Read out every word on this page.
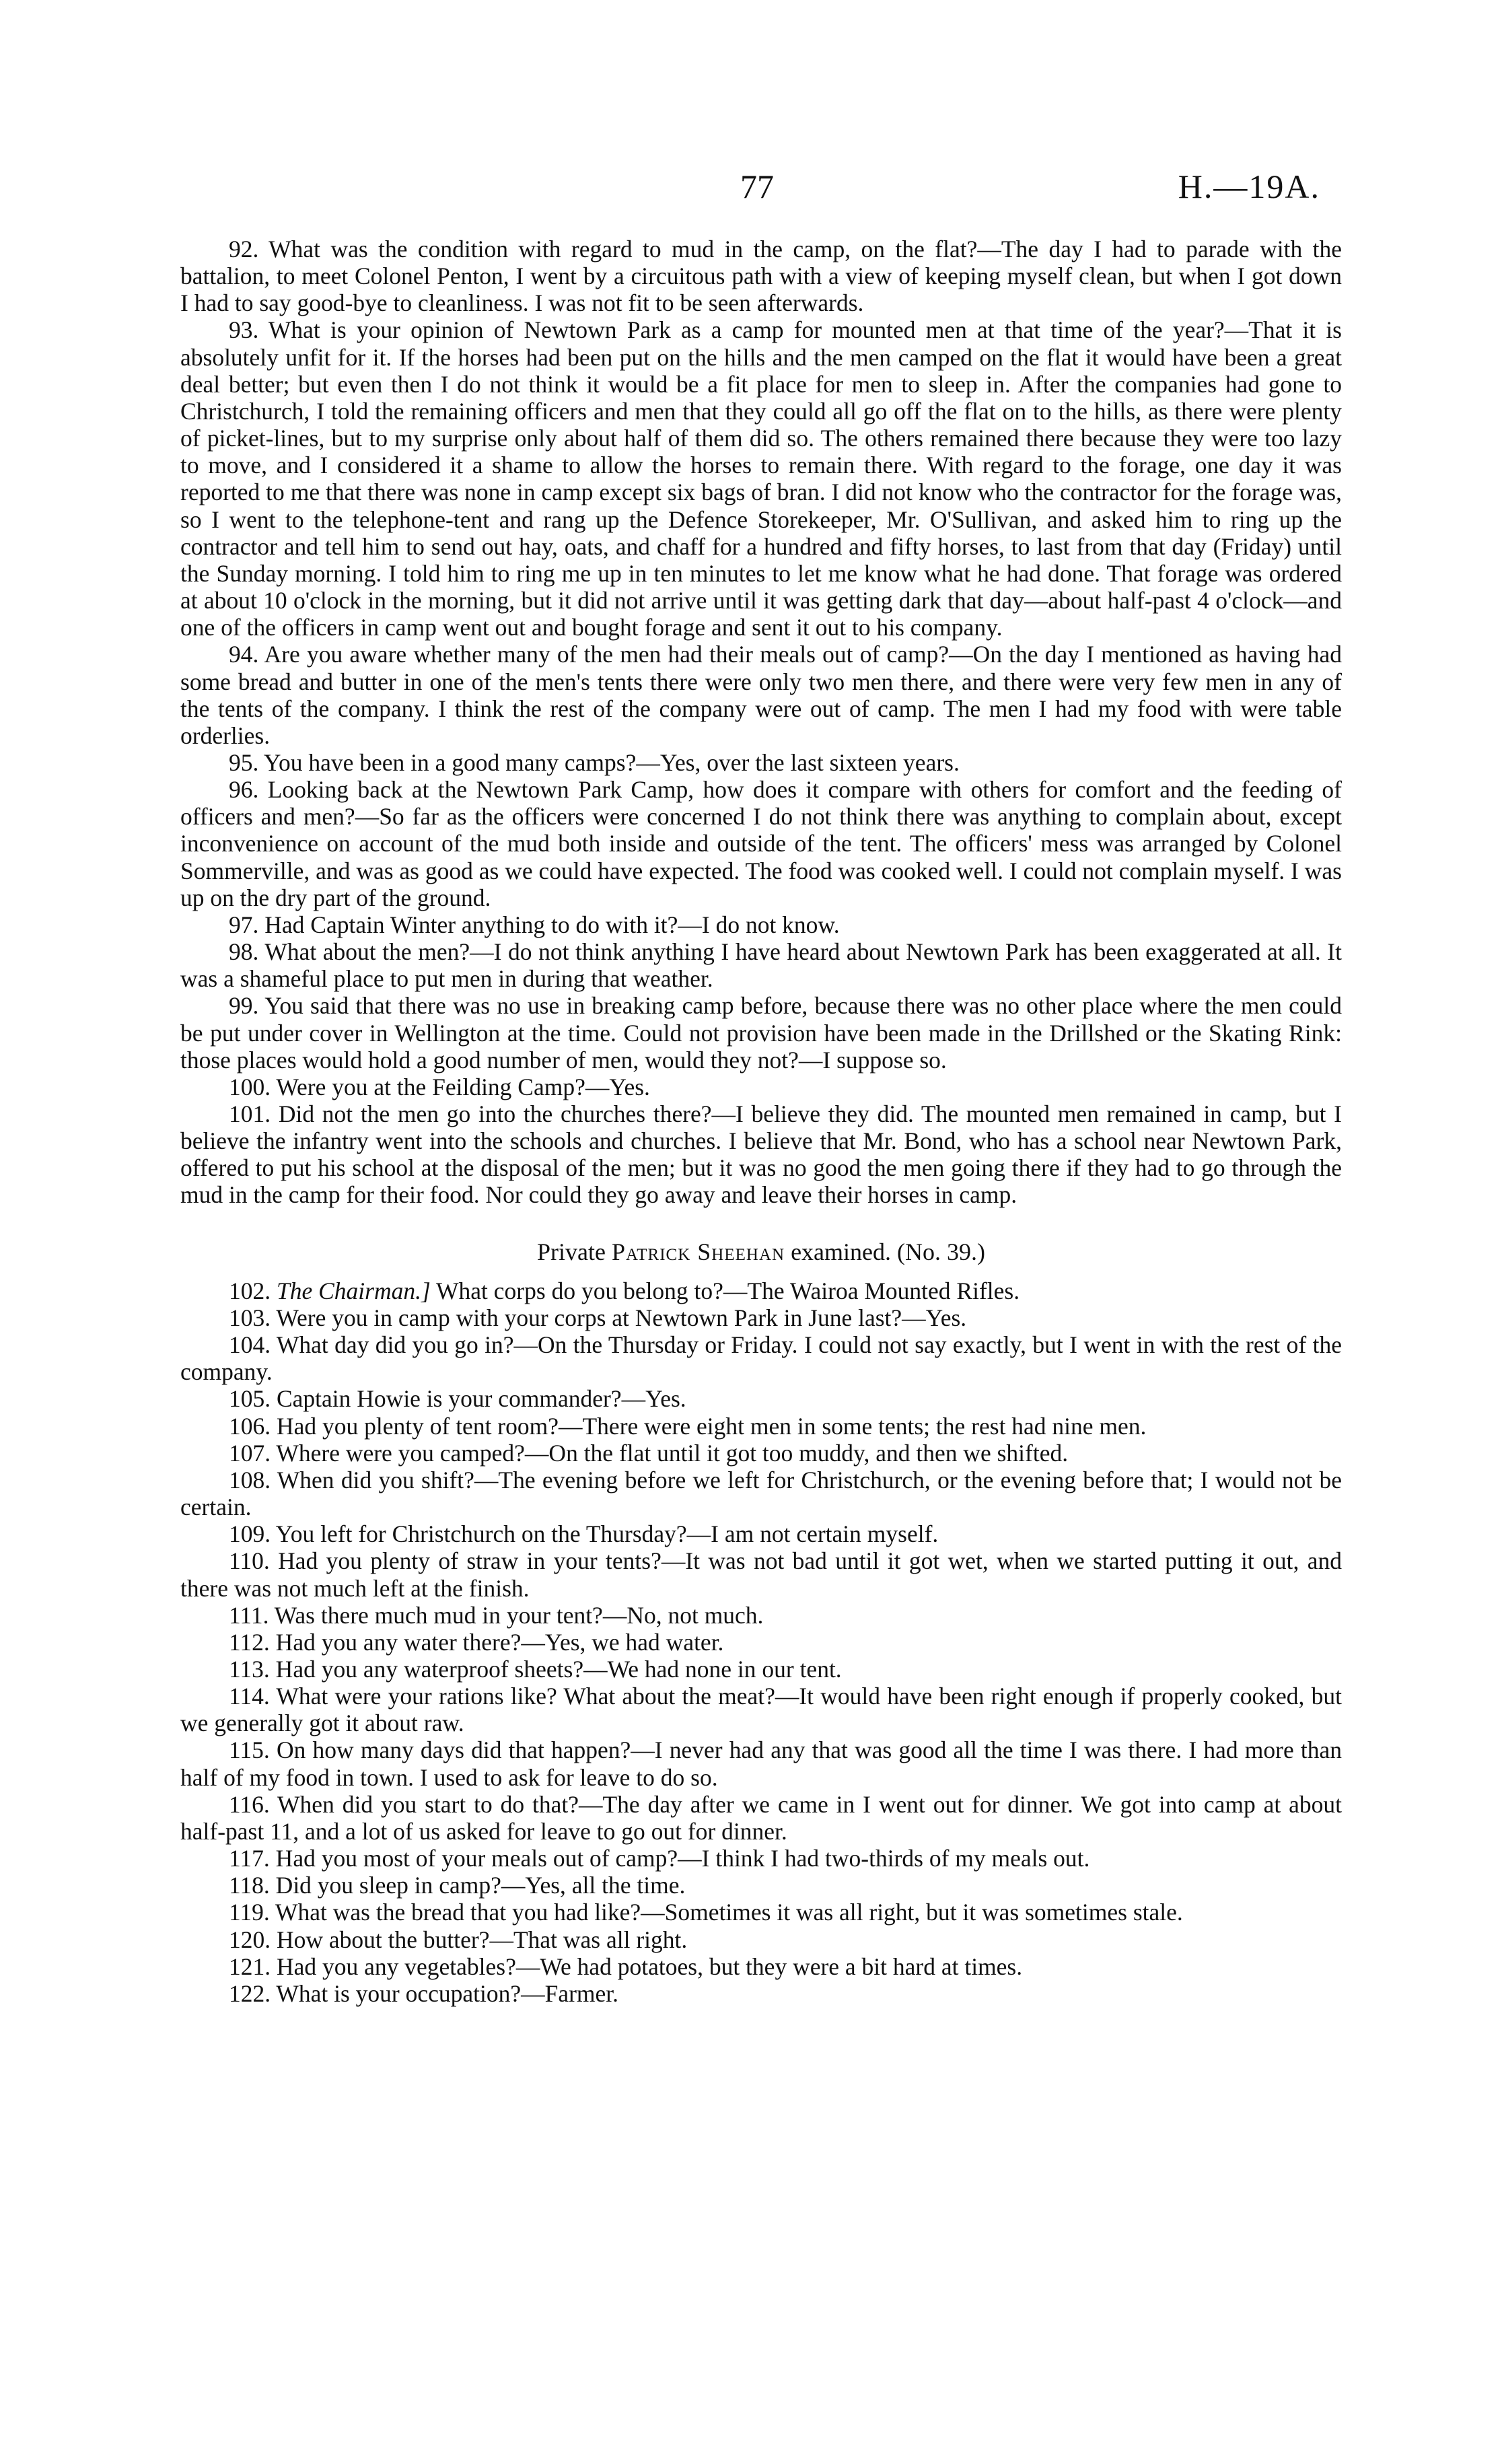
77	H.—19A.

92. What was the condition with regard to mud in the camp, on the flat?—The day I had to parade with the battalion, to meet Colonel Penton, I went by a circuitous path with a view of keeping myself clean, but when I got down I had to say good-bye to cleanliness. I was not fit to be seen afterwards.

93. What is your opinion of Newtown Park as a camp for mounted men at that time of the year?—That it is absolutely unfit for it. If the horses had been put on the hills and the men camped on the flat it would have been a great deal better; but even then I do not think it would be a fit place for men to sleep in. After the companies had gone to Christchurch, I told the remaining officers and men that they could all go off the flat on to the hills, as there were plenty of picket-lines, but to my surprise only about half of them did so. The others remained there because they were too lazy to move, and I considered it a shame to allow the horses to remain there. With regard to the forage, one day it was reported to me that there was none in camp except six bags of bran. I did not know who the contractor for the forage was, so I went to the telephone-tent and rang up the Defence Storekeeper, Mr. O'Sullivan, and asked him to ring up the contractor and tell him to send out hay, oats, and chaff for a hundred and fifty horses, to last from that day (Friday) until the Sunday morning. I told him to ring me up in ten minutes to let me know what he had done. That forage was ordered at about 10 o'clock in the morning, but it did not arrive until it was getting dark that day—about half-past 4 o'clock—and one of the officers in camp went out and bought forage and sent it out to his company.

94. Are you aware whether many of the men had their meals out of camp?—On the day I mentioned as having had some bread and butter in one of the men's tents there were only two men there, and there were very few men in any of the tents of the company. I think the rest of the company were out of camp. The men I had my food with were table orderlies.

95. You have been in a good many camps?—Yes, over the last sixteen years.

96. Looking back at the Newtown Park Camp, how does it compare with others for comfort and the feeding of officers and men?—So far as the officers were concerned I do not think there was anything to complain about, except inconvenience on account of the mud both inside and outside of the tent. The officers' mess was arranged by Colonel Sommerville, and was as good as we could have expected. The food was cooked well. I could not complain myself. I was up on the dry part of the ground.

97. Had Captain Winter anything to do with it?—I do not know.

98. What about the men?—I do not think anything I have heard about Newtown Park has been exaggerated at all. It was a shameful place to put men in during that weather.

99. You said that there was no use in breaking camp before, because there was no other place where the men could be put under cover in Wellington at the time. Could not provision have been made in the Drillshed or the Skating Rink: those places would hold a good number of men, would they not?—I suppose so.

100. Were you at the Feilding Camp?—Yes.

101. Did not the men go into the churches there?—I believe they did. The mounted men remained in camp, but I believe the infantry went into the schools and churches. I believe that Mr. Bond, who has a school near Newtown Park, offered to put his school at the disposal of the men; but it was no good the men going there if they had to go through the mud in the camp for their food. Nor could they go away and leave their horses in camp.

Private Patrick Sheehan examined. (No. 39.)

102. The Chairman.] What corps do you belong to?—The Wairoa Mounted Rifles.

103. Were you in camp with your corps at Newtown Park in June last?—Yes.

104. What day did you go in?—On the Thursday or Friday. I could not say exactly, but I went in with the rest of the company.

105. Captain Howie is your commander?—Yes.

106. Had you plenty of tent room?—There were eight men in some tents; the rest had nine men.

107. Where were you camped?—On the flat until it got too muddy, and then we shifted.

108. When did you shift?—The evening before we left for Christchurch, or the evening before that; I would not be certain.

109. You left for Christchurch on the Thursday?—I am not certain myself.

110. Had you plenty of straw in your tents?—It was not bad until it got wet, when we started putting it out, and there was not much left at the finish.

111. Was there much mud in your tent?—No, not much.

112. Had you any water there?—Yes, we had water.

113. Had you any waterproof sheets?—We had none in our tent.

114. What were your rations like? What about the meat?—It would have been right enough if properly cooked, but we generally got it about raw.

115. On how many days did that happen?—I never had any that was good all the time I was there. I had more than half of my food in town. I used to ask for leave to do so.

116. When did you start to do that?—The day after we came in I went out for dinner. We got into camp at about half-past 11, and a lot of us asked for leave to go out for dinner.

117. Had you most of your meals out of camp?—I think I had two-thirds of my meals out.

118. Did you sleep in camp?—Yes, all the time.

119. What was the bread that you had like?—Sometimes it was all right, but it was sometimes stale.

120. How about the butter?—That was all right.

121. Had you any vegetables?—We had potatoes, but they were a bit hard at times.

122. What is your occupation?—Farmer.
